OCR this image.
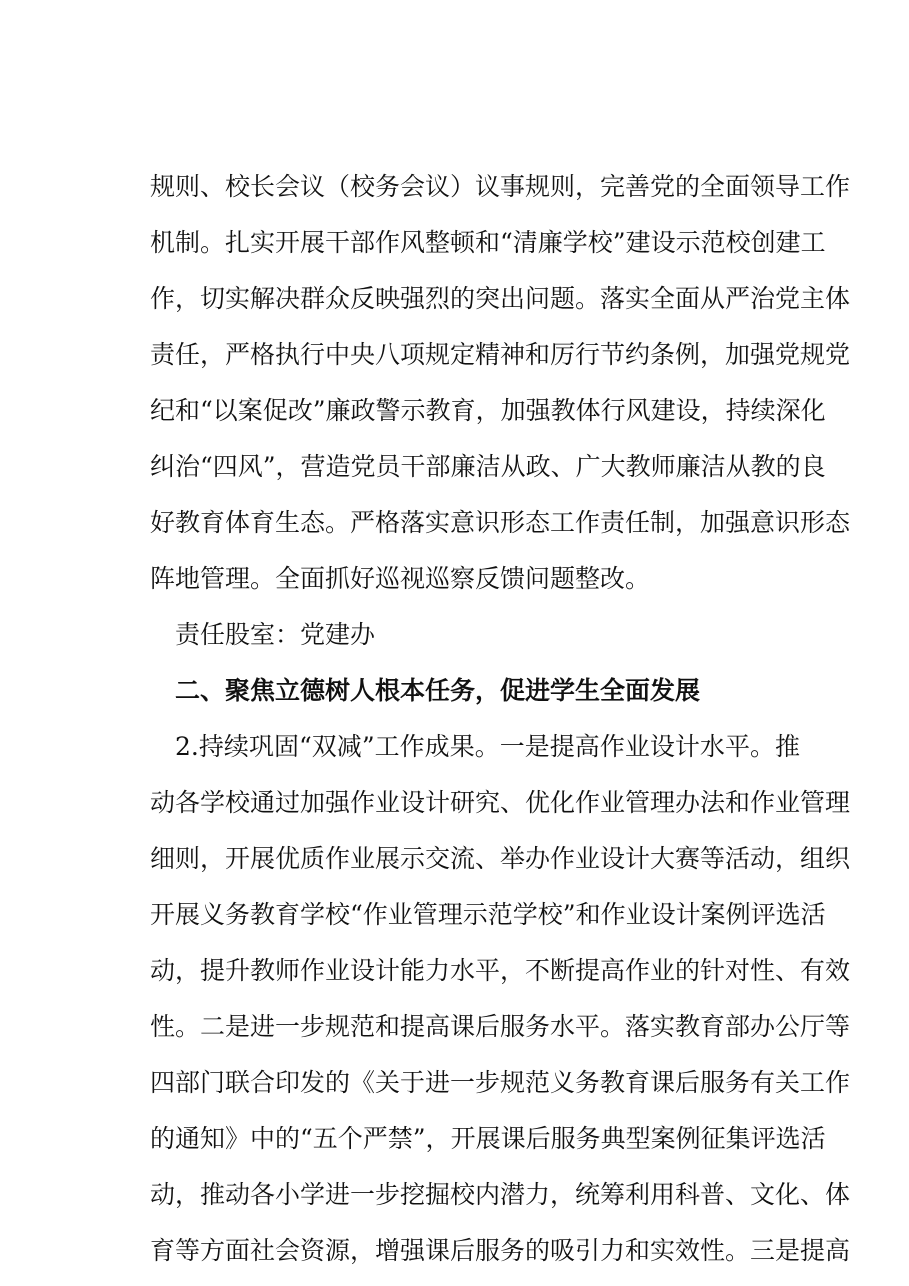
规则、校长会议（校务会议）议事规则，完善党的全面领导工作
机制。扎实开展干部作风整顿和“清廉学校”建设示范校创建工
作，切实解决群众反映强烈的突出问题。落实全面从严治党主体
责任，严格执行中央八项规定精神和厉行节约条例，加强党规党
纪和“以案促改”廉政警示教育，加强教体行风建设，持续深化
纠治“四风”，营造党员干部廉洁从政、广大教师廉洁从教的良
好教育体育生态。严格落实意识形态工作责任制，加强意识形态
阵地管理。全面抓好巡视巡察反馈问题整改。
责任股室：党建办
二、聚焦立德树人根本任务，促进学生全面发展
2.持续巩固“双减”工作成果。一是提高作业设计水平。推
动各学校通过加强作业设计研究、优化作业管理办法和作业管理
细则，开展优质作业展示交流、举办作业设计大赛等活动，组织
开展义务教育学校“作业管理示范学校”和作业设计案例评选活
动，提升教师作业设计能力水平，不断提高作业的针对性、有效
性。二是进一步规范和提高课后服务水平。落实教育部办公厅等
四部门联合印发的《关于进一步规范义务教育课后服务有关工作
的通知》中的“五个严禁”，开展课后服务典型案例征集评选活
动，推动各小学进一步挖掘校内潜力，统筹利用科普、文化、体
育等方面社会资源，增强课后服务的吸引力和实效性。三是提高
